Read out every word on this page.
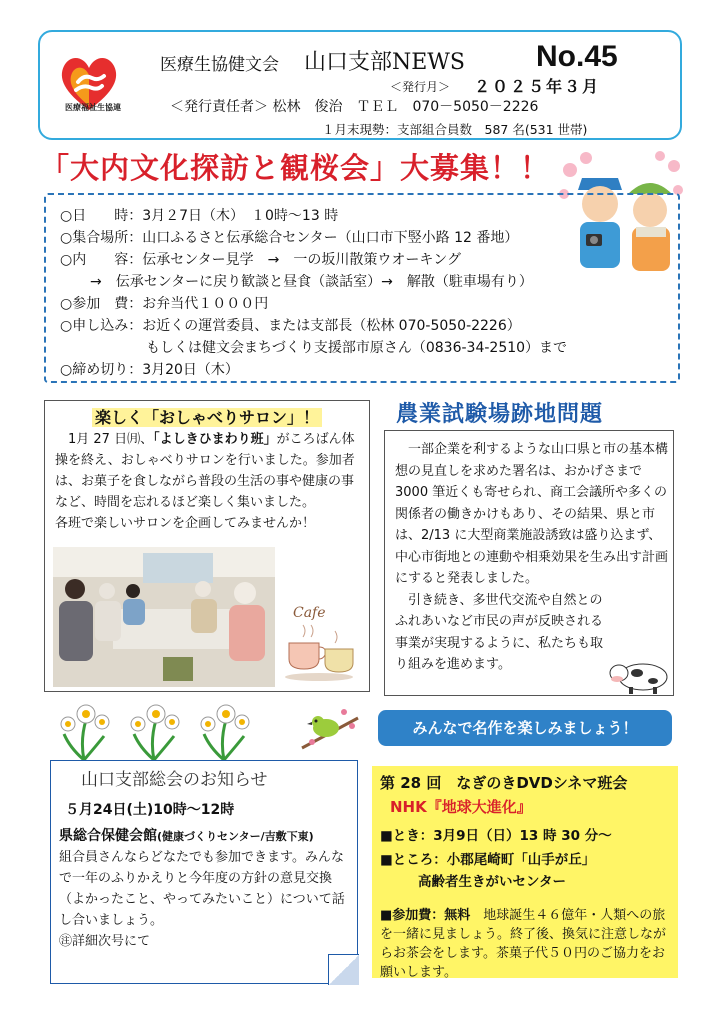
医療福祉生協連
医療生協健文会 山口支部NEWS No.45
＜発行月＞ ２０２５年３月
＜発行責任者＞ 松林　俊治　ＴＥＬ　070－5050－2226
１月末現勢：支部組合員数　587 名(531 世帯)
「大内文化探訪と観桜会」大募集！！
○日　　時：3月２7日（木）　１0時～13 時
○集合場所：山口ふるさと伝承総合センター（山口市下竪小路 12 番地）
○内　　容：伝承センター見学　→　一の坂川散策ウオーキング
→　伝承センターに戻り歓談と昼食（談話室）→　解散（駐車場有り）
○参加　費：お弁当代１０００円
○申し込み：お近くの運営委員、または支部長（松林 070-5050-2226）
もしくは健文会まちづくり支援部市原さん（0836-34-2510）まで
○締め切り：3月20日（木）
楽しく「おしゃべりサロン」！
　1月 27 日㈪、「よしきひまわり班」がころばん体操を終え、おしゃべりサロンを行いました。参加者は、お菓子を食しながら普段の生活の事や健康の事など、時間を忘れるほど楽しく集いました。
各班で楽しいサロンを企画してみませんか！
Cafe
農業試験場跡地問題
　一部企業を利するような山口県と市の基本構想の見直しを求めた署名は、おかげさまで 3000 筆近くも寄せられ、商工会議所や多くの関係者の働きかけもあり、その結果、県と市は、2/13 に大型商業施設誘致は盛り込まず、中心市街地との連動や相乗効果を生み出す計画にすると発表しました。
　引き続き、多世代交流や自然とのふれあいなど市民の声が反映される事業が実現するように、私たちも取り組みを進めます。
山口支部総会のお知らせ
５月24日(土)10時～12時
県総合保健会館(健康づくりセンター/吉敷下東)
組合員さんならどなたでも参加できます。みんなで一年のふりかえりと今年度の方針の意見交換（よかったこと、やってみたいこと）について話し合いましょう。
㊟詳細次号にて
みんなで名作を楽しみましょう！
第 28 回　なぎのきDVDシネマ班会
NHK『地球大進化』
■とき：3月9日（日）13 時 30 分～
■ところ：小郡尾崎町「山手が丘」
高齢者生きがいセンター
■参加費：無料　地球誕生４６億年・人類への旅を一緒に見ましょう。終了後、換気に注意しながらお茶会をします。茶菓子代５０円のご協力をお願いします。
